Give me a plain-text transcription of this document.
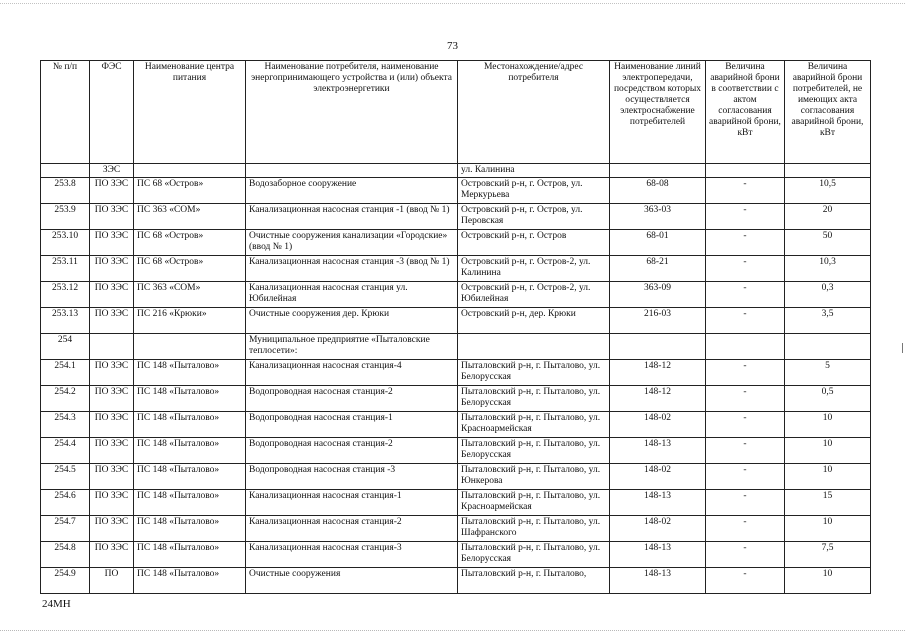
73
№ п/п	ФЭС	Наименование центра питания	Наименование потребителя, наименование энергопринимающего устройства и (или) объекта электроэнергетики	Местонахождение/адрес потребителя	Наименование линий электропередачи, посредством которых осуществляется электроснабжение потребителей	Величина аварийной брони в соответствии с актом согласования аварийной брони, кВт	Величина аварийной брони потребителей, не имеющих акта согласования аварийной брони, кВт
	ЗЭС			ул. Калинина			
253.8	ПО ЗЭС	ПС 68 «Остров»	Водозаборное сооружение	Островский р-н, г. Остров, ул. Меркурьева	68-08	-	10,5
253.9	ПО ЗЭС	ПС 363 «СОМ»	Канализационная насосная станция -1 (ввод № 1)	Островский р-н, г. Остров, ул. Перовская	363-03	-	20
253.10	ПО ЗЭС	ПС 68 «Остров»	Очистные сооружения канализации «Городские» (ввод № 1)	Островский р-н, г. Остров	68-01	-	50
253.11	ПО ЗЭС	ПС 68 «Остров»	Канализационная насосная станция -3 (ввод № 1)	Островский р-н, г. Остров-2, ул. Калинина	68-21	-	10,3
253.12	ПО ЗЭС	ПС 363 «СОМ»	Канализационная насосная станция ул. Юбилейная	Островский р-н, г. Остров-2, ул. Юбилейная	363-09	-	0,3
253.13	ПО ЗЭС	ПС 216 «Крюки»	Очистные сооружения дер. Крюки	Островский р-н, дер. Крюки	216-03	-	3,5
254			Муниципальное предприятие «Пыталовские теплосети»:				
254.1	ПО ЗЭС	ПС 148 «Пыталово»	Канализационная насосная станция-4	Пыталовский р-н, г. Пыталово, ул. Белорусская	148-12	-	5
254.2	ПО ЗЭС	ПС 148 «Пыталово»	Водопроводная насосная станция-2	Пыталовский р-н, г. Пыталово, ул. Белорусская	148-12	-	0,5
254.3	ПО ЗЭС	ПС 148 «Пыталово»	Водопроводная насосная станция-1	Пыталовский р-н, г. Пыталово, ул. Красноармейская	148-02	-	10
254.4	ПО ЗЭС	ПС 148 «Пыталово»	Водопроводная насосная станция-2	Пыталовский р-н, г. Пыталово, ул. Белорусская	148-13	-	10
254.5	ПО ЗЭС	ПС 148 «Пыталово»	Водопроводная насосная станция -3	Пыталовский р-н, г. Пыталово, ул. Юнкерова	148-02	-	10
254.6	ПО ЗЭС	ПС 148 «Пыталово»	Канализационная насосная станция-1	Пыталовский р-н, г. Пыталово, ул. Красноармейская	148-13	-	15
254.7	ПО ЗЭС	ПС 148 «Пыталово»	Канализационная насосная станция-2	Пыталовский р-н, г. Пыталово, ул. Шафранского	148-02	-	10
254.8	ПО ЗЭС	ПС 148 «Пыталово»	Канализационная насосная станция-3	Пыталовский р-н, г. Пыталово, ул. Белорусская	148-13	-	7,5
254.9	ПО	ПС 148 «Пыталово»	Очистные сооружения	Пыталовский р-н, г. Пыталово,	148-13	-	10
24МН
